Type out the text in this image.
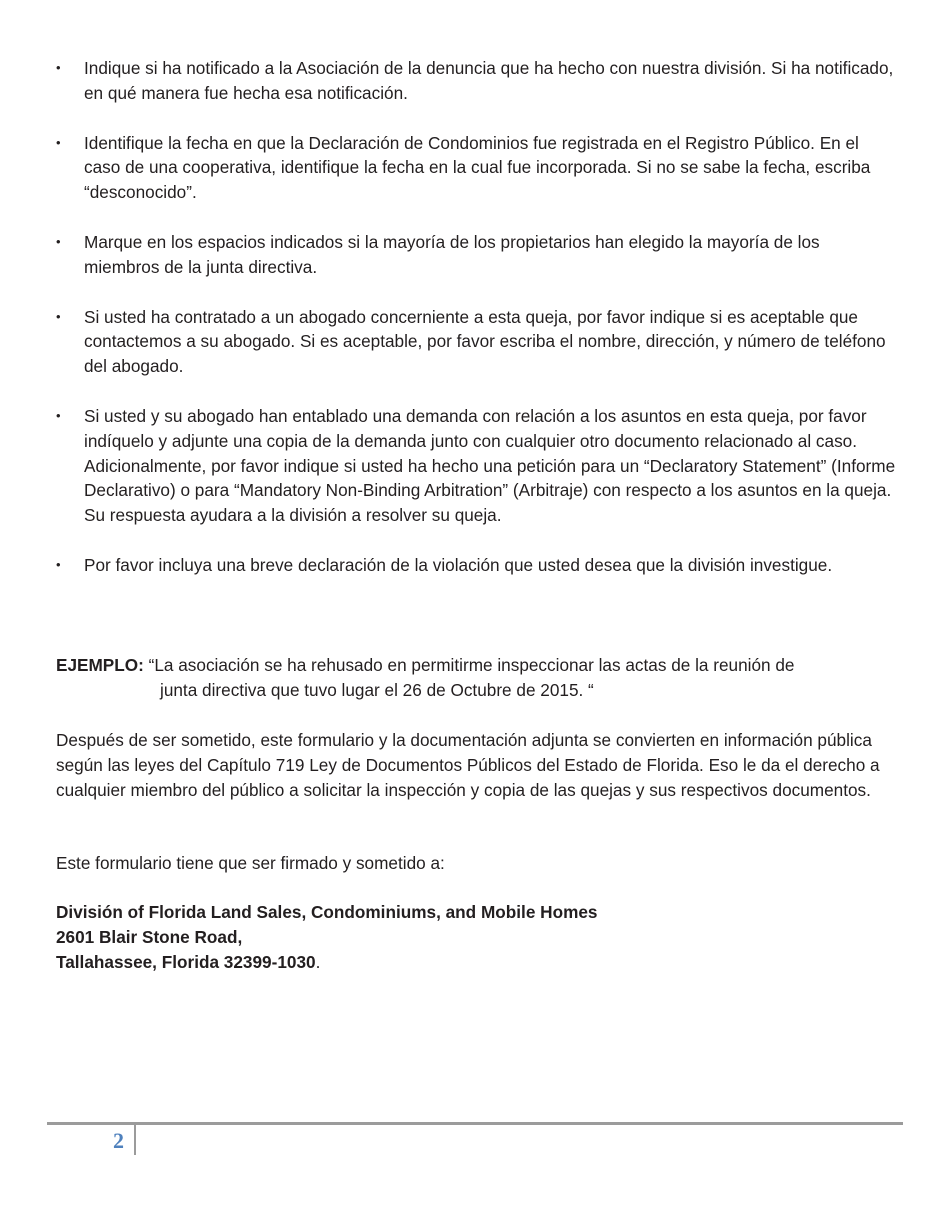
•	Indique si ha notificado a la Asociación de la denuncia que ha hecho con nuestra división. Si ha notificado, en qué manera fue hecha esa notificación.
•	Identifique la fecha en que la Declaración de Condominios fue registrada en el Registro Público. En el caso de una cooperativa, identifique la fecha en la cual fue incorporada. Si no se sabe la fecha, escriba “desconocido”.
•	Marque en los espacios indicados si la mayoría de los propietarios han elegido la mayoría de los miembros de la junta directiva.
•	Si usted ha contratado a un abogado concerniente a esta queja, por favor indique si es aceptable que contactemos a su abogado. Si es aceptable, por favor escriba el nombre, dirección, y número de teléfono del abogado.
•	Si usted y su abogado han entablado una demanda con relación a los asuntos en esta queja, por favor indíquelo y adjunte una copia de la demanda junto con cualquier otro documento relacionado al caso. Adicionalmente, por favor indique si usted ha hecho una petición para un “Declaratory Statement” (Informe Declarativo) o para “Mandatory Non-Binding Arbitration” (Arbitraje) con respecto a los asuntos en la queja. Su respuesta ayudara a la división a resolver su queja.
•	Por favor incluya una breve declaración de la violación que usted desea que la división investigue.
EJEMPLO: “La asociación se ha rehusado en permitirme inspeccionar las actas de la reunión de
junta directiva que tuvo lugar el 26 de Octubre de 2015. “

Después de ser sometido, este formulario y la documentación adjunta se convierten en información pública según las leyes del Capítulo 719 Ley de Documentos Públicos del Estado de Florida. Eso le da el derecho a cualquier miembro del público a solicitar la inspección y copia de las quejas y sus respectivos documentos.

Este formulario tiene que ser firmado y sometido a:

División of Florida Land Sales, Condominiums, and Mobile Homes
2601 Blair Stone Road,
Tallahassee, Florida 32399-1030.
2
